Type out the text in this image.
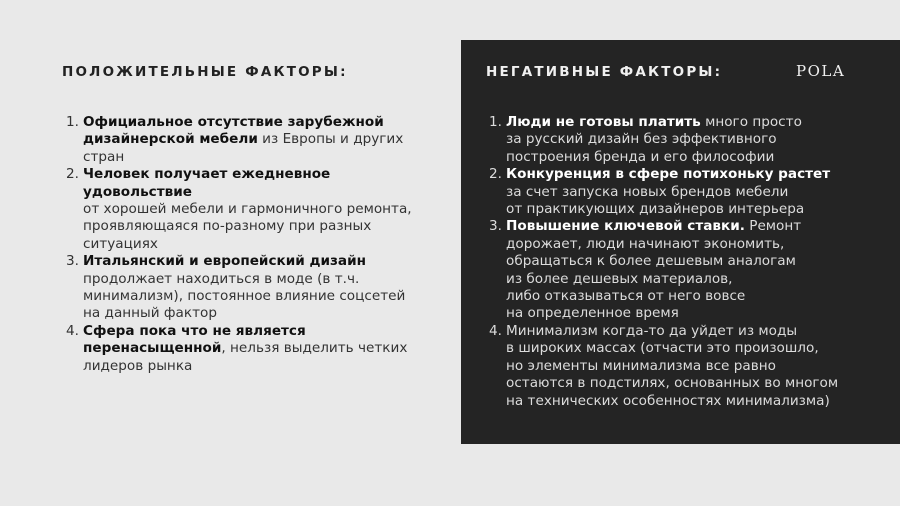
ПОЛОЖИТЕЛЬНЫЕ ФАКТОРЫ:
1. Официальное отсутствие зарубежной
дизайнерской мебели из Европы и других
стран
2. Человек получает ежедневное удовольствие
от хорошей мебели и гармоничного ремонта,
проявляющаяся по-разному при разных
ситуациях
3. Итальянский и европейский дизайн
продолжает находиться в моде (в т.ч.
минимализм), постоянное влияние соцсетей
на данный фактор
4. Сфера пока что не является
перенасыщенной, нельзя выделить четких
лидеров рынка
НЕГАТИВНЫЕ ФАКТОРЫ:	POLA
1. Люди не готовы платить много просто
за русский дизайн без эффективного
построения бренда и его философии
2. Конкуренция в сфере потихоньку растет
за счет запуска новых брендов мебели
от практикующих дизайнеров интерьера
3. Повышение ключевой ставки. Ремонт
дорожает, люди начинают экономить,
обращаться к более дешевым аналогам
из более дешевых материалов,
либо отказываться от него вовсе
на определенное время
4. Минимализм когда-то да уйдет из моды
в широких массах (отчасти это произошло,
но элементы минимализма все равно
остаются в подстилях, основанных во многом
на технических особенностях минимализма)
